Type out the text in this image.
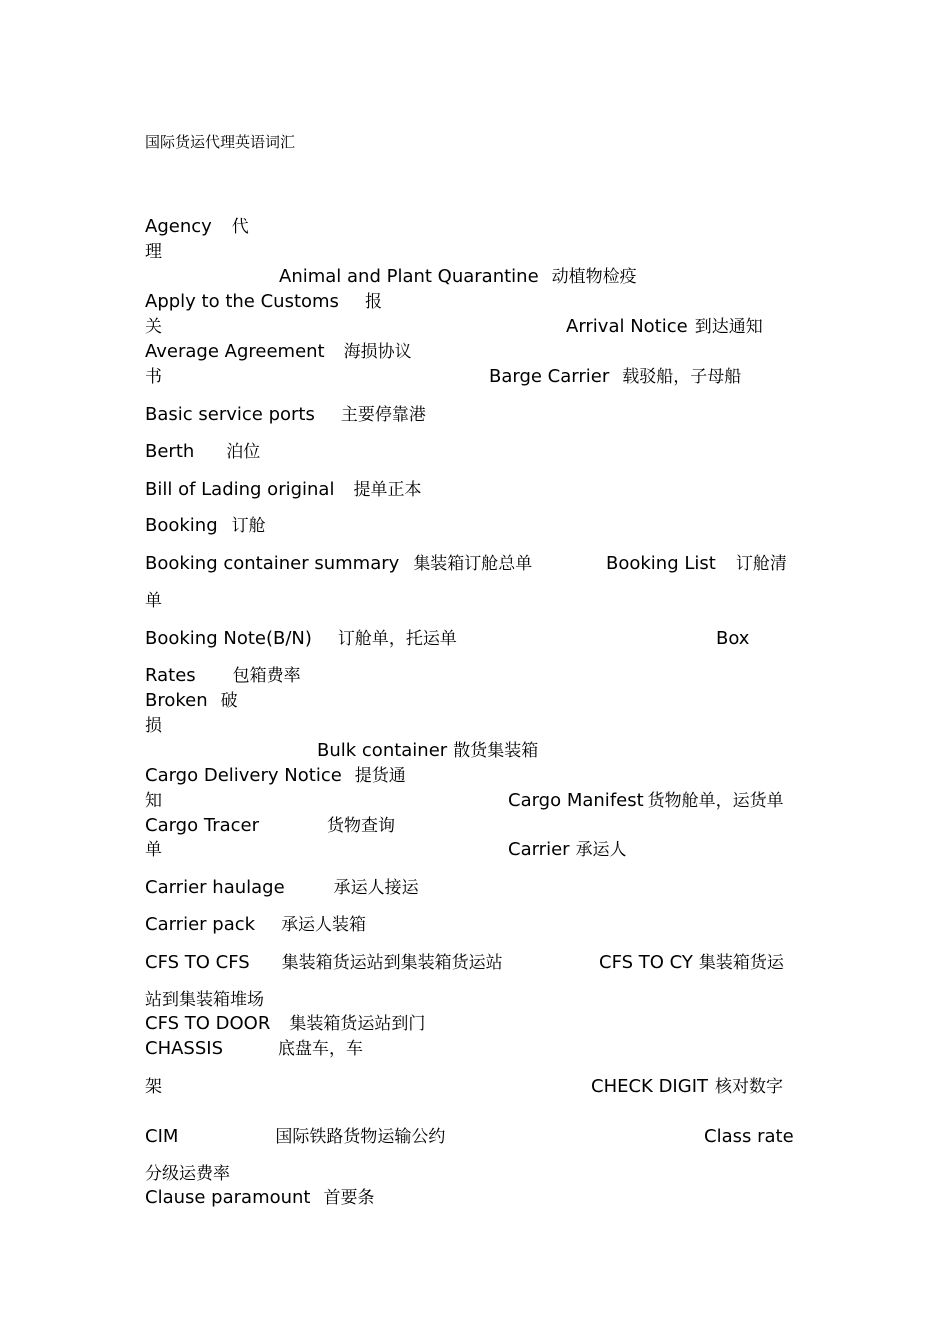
国际货运代理英语词汇
Agency 代
理
Animal and Plant Quarantine 动植物检疫
Apply to the Customs 报
关	Arrival Notice 到达通知
Average Agreement 海损协议
书	Barge Carrier 载驳船，子母船
Basic service ports 主要停靠港
Berth 泊位
Bill of Lading original 提单正本
Booking 订舱
Booking container summary 集装箱订舱总单	Booking List 订舱清
单
Booking Note(B/N) 订舱单，托运单	Box
Rates 包箱费率
Broken 破
损
Bulk container 散货集装箱
Cargo Delivery Notice 提货通
知	Cargo Manifest 货物舱单，运货单
Cargo Tracer	货物查询
单	Carrier 承运人
Carrier haulage	承运人接运
Carrier pack 承运人装箱
CFS TO CFS 集装箱货运站到集装箱货运站	CFS TO CY 集装箱货运
站到集装箱堆场
CFS TO DOOR 集装箱货运站到门
CHASSIS	底盘车，车
架	CHECK DIGIT 核对数字
CIM	国际铁路货物运输公约	Class rate
分级运费率
Clause paramount 首要条
